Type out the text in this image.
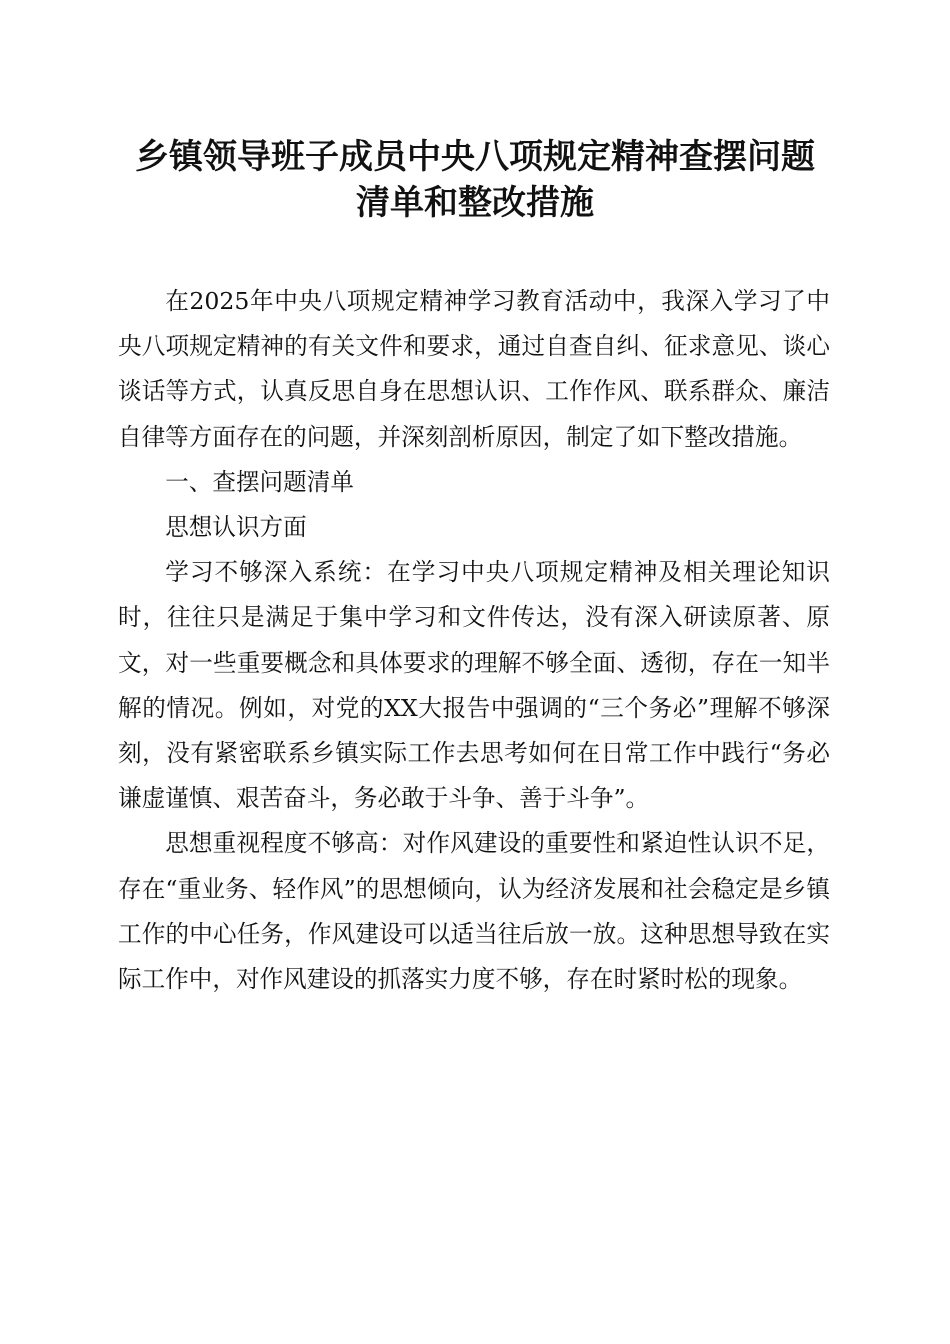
乡镇领导班子成员中央八项规定精神查摆问题
清单和整改措施

在2025年中央八项规定精神学习教育活动中，我深入学习了中央八项规定精神的有关文件和要求，通过自查自纠、征求意见、谈心谈话等方式，认真反思自身在思想认识、工作作风、联系群众、廉洁自律等方面存在的问题，并深刻剖析原因，制定了如下整改措施。

一、查摆问题清单

思想认识方面

学习不够深入系统：在学习中央八项规定精神及相关理论知识时，往往只是满足于集中学习和文件传达，没有深入研读原著、原文，对一些重要概念和具体要求的理解不够全面、透彻，存在一知半解的情况。例如，对党的XX大报告中强调的“三个务必”理解不够深刻，没有紧密联系乡镇实际工作去思考如何在日常工作中践行“务必谦虚谨慎、艰苦奋斗，务必敢于斗争、善于斗争”。

思想重视程度不够高：对作风建设的重要性和紧迫性认识不足，存在“重业务、轻作风”的思想倾向，认为经济发展和社会稳定是乡镇工作的中心任务，作风建设可以适当往后放一放。这种思想导致在实际工作中，对作风建设的抓落实力度不够，存在时紧时松的现象。
